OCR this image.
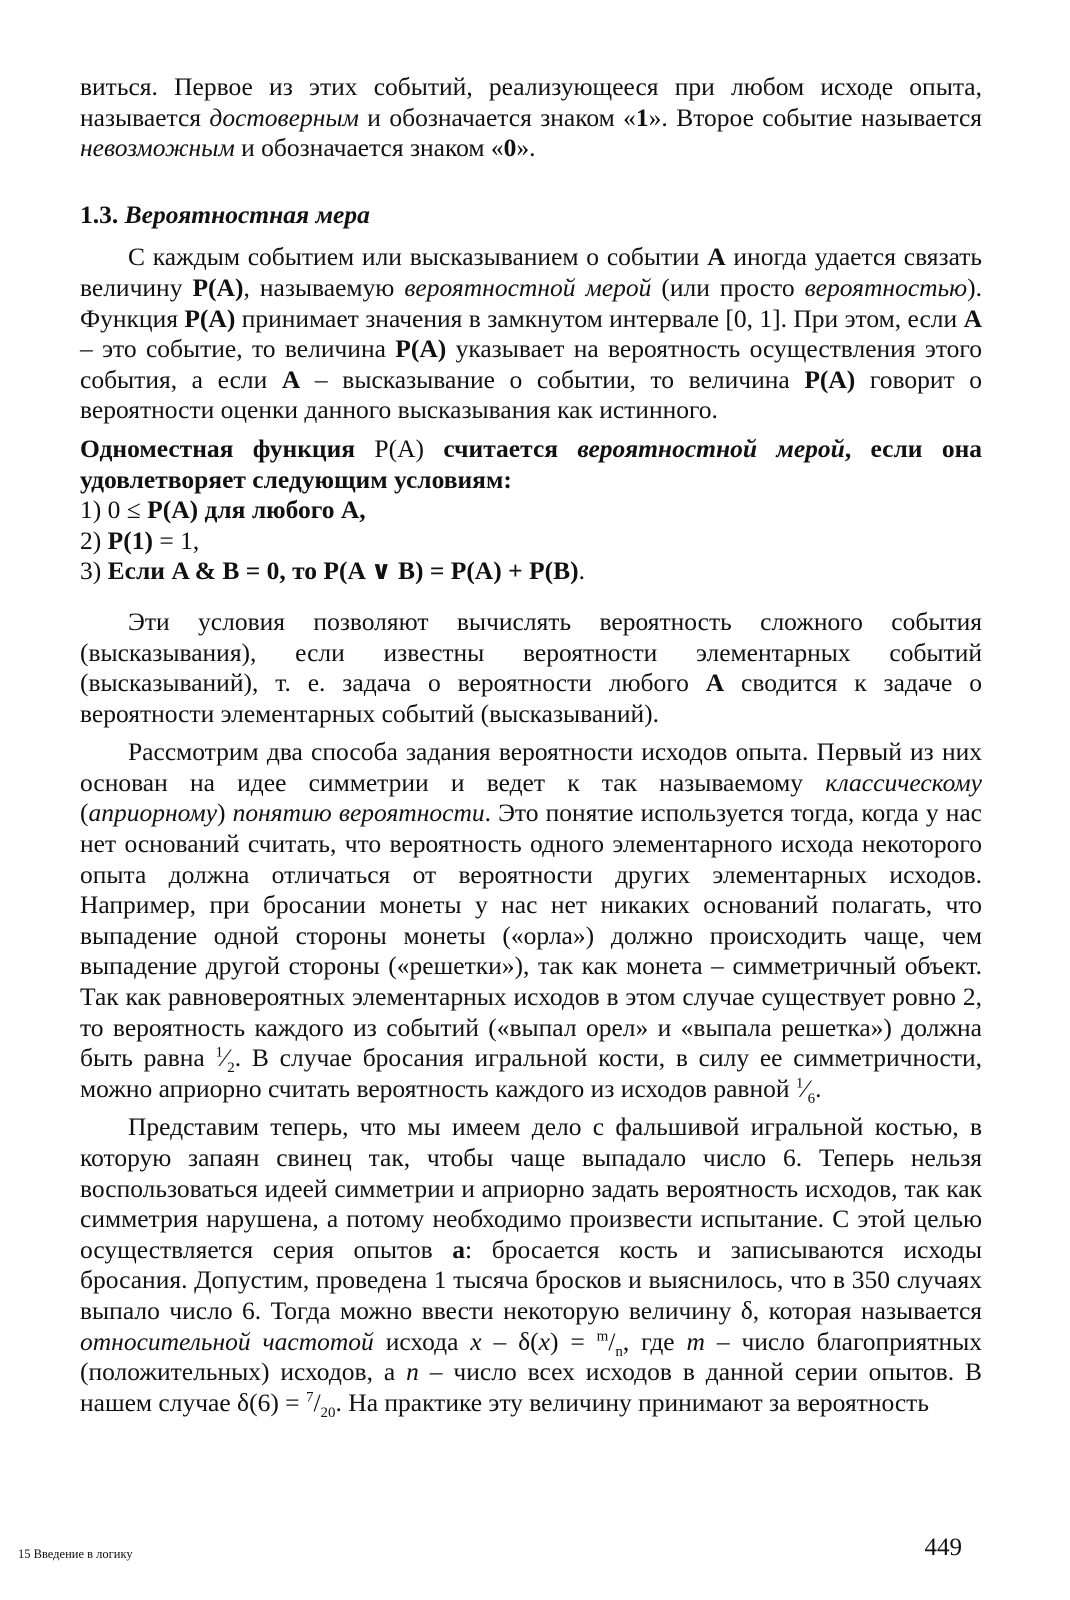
виться. Первое из этих событий, реализующееся при любом исходе опыта, называется достоверным и обозначается знаком «1». Второе событие называется невозможным и обозначается знаком «0».

1.3. Вероятностная мера

С каждым событием или высказыванием о событии A иногда удается связать величину P(A), называемую вероятностной мерой (или просто вероятностью). Функция P(A) принимает значения в замкнутом интервале [0, 1]. При этом, если A – это событие, то величина P(A) указывает на вероятность осуществления этого события, а если A – высказывание о событии, то величина P(A) говорит о вероятности оценки данного высказывания как истинного.

Одноместная функция P(A) считается вероятностной мерой, если она удовлетворяет следующим условиям:
1) 0 ≤ P(A) для любого A,
2) P(1) = 1,
3) Если A & B = 0, то P(A ∨ B) = P(A) + P(B).

Эти условия позволяют вычислять вероятность сложного события (высказывания), если известны вероятности элементарных событий (высказываний), т. е. задача о вероятности любого A сводится к задаче о вероятности элементарных событий (высказываний).

Рассмотрим два способа задания вероятности исходов опыта. Первый из них основан на идее симметрии и ведет к так называемому классическому (априорному) понятию вероятности. Это понятие используется тогда, когда у нас нет оснований считать, что вероятность одного элементарного исхода некоторого опыта должна отличаться от вероятности других элементарных исходов. Например, при бросании монеты у нас нет никаких оснований полагать, что выпадение одной стороны монеты («орла») должно происходить чаще, чем выпадение другой стороны («решетки»), так как монета – симметричный объект. Так как равновероятных элементарных исходов в этом случае существует ровно 2, то вероятность каждого из событий («выпал орел» и «выпала решетка») должна быть равна $^1⁄_2$. В случае бросания игральной кости, в силу ее симметричности, можно априорно считать вероятность каждого из исходов равной $^1⁄_6$.

Представим теперь, что мы имеем дело с фальшивой игральной костью, в которую запаян свинец так, чтобы чаще выпадало число 6. Теперь нельзя воспользоваться идеей симметрии и априорно задать вероятность исходов, так как симметрия нарушена, а потому необходимо произвести испытание. С этой целью осуществляется серия опытов a: бросается кость и записываются исходы бросания. Допустим, проведена 1 тысяча бросков и выяснилось, что в 350 случаях выпало число 6. Тогда можно ввести некоторую величину δ, которая называется относительной частотой исхода $x - \delta(x) = ^m/_n$, где m – число благоприятных (положительных) исходов, а n – число всех исходов в данной серии опытов. В нашем случае $\delta(6) = ^7/_{20}$. На практике эту величину принимают за вероятность

15 Введение в логику	449
